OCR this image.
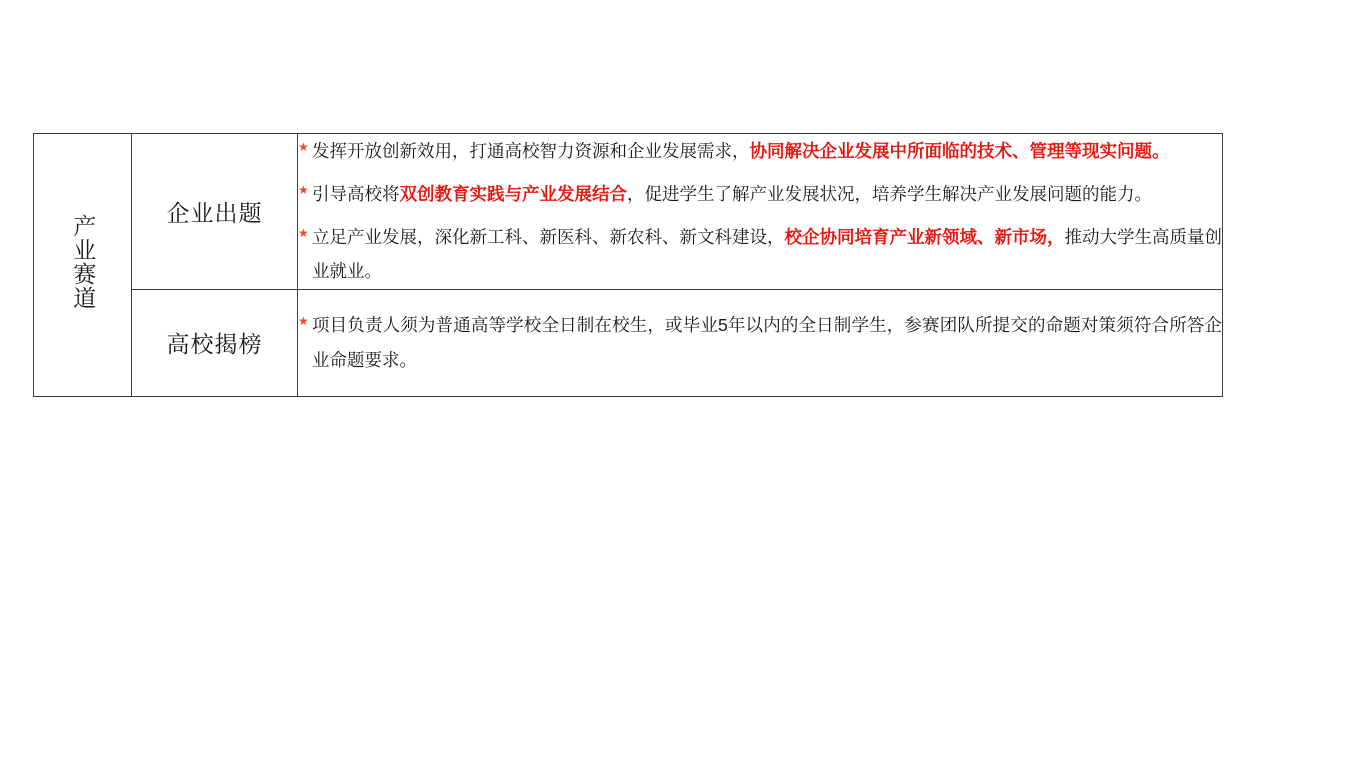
产业赛道	企业出题	
★ 发挥开放创新效用，打通高校智力资源和企业发展需求，协同解决企业发展中所面临的技术、管理等现实问题。
★ 引导高校将双创教育实践与产业发展结合，促进学生了解产业发展状况，培养学生解决产业发展问题的能力。
★ 立足产业发展，深化新工科、新医科、新农科、新文科建设，校企协同培育产业新领域、新市场，推动大学生高质量创业就业。

高校揭榜	
★ 项目负责人须为普通高等学校全日制在校生，或毕业5年以内的全日制学生，参赛团队所提交的命题对策须符合所答企业命题要求。
